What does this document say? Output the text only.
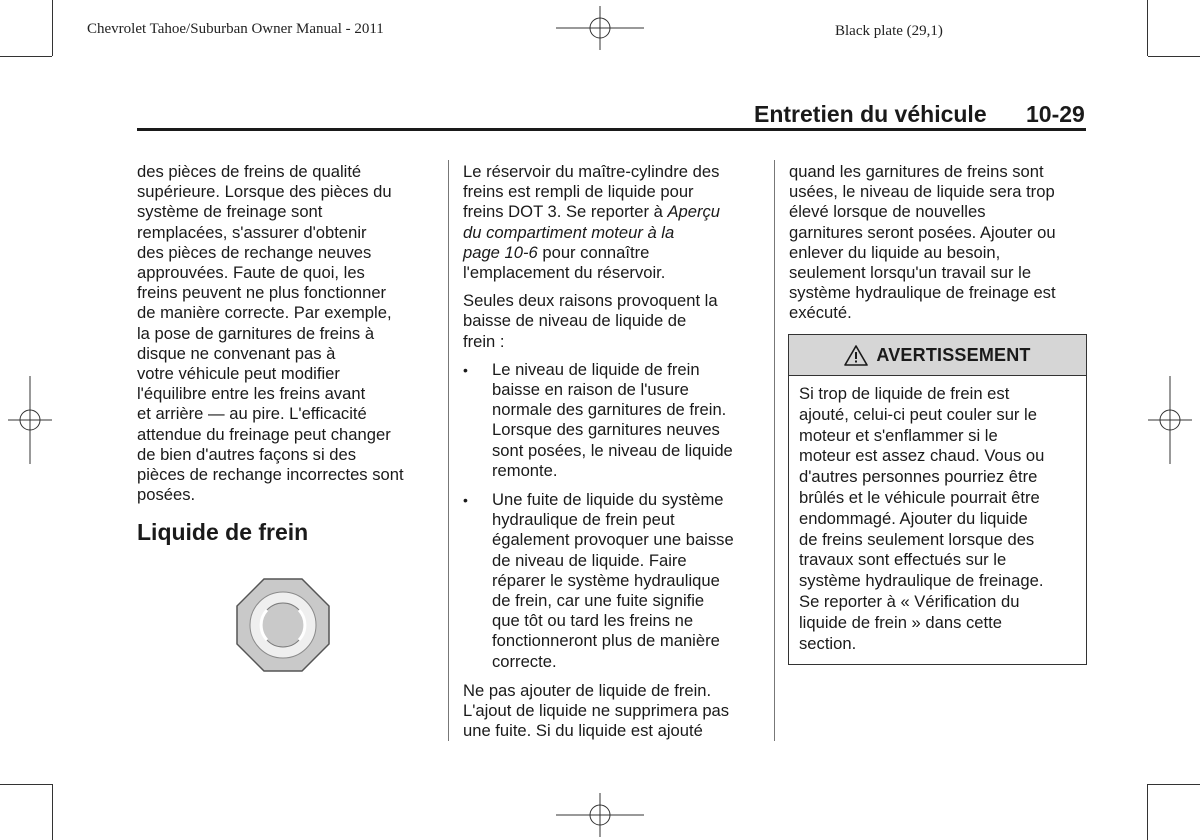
Chevrolet Tahoe/Suburban Owner Manual - 2011	Black plate (29,1)
Entretien du véhicule 10-29

des pièces de freins de qualité
supérieure. Lorsque des pièces du
système de freinage sont
remplacées, s'assurer d'obtenir
des pièces de rechange neuves
approuvées. Faute de quoi, les
freins peuvent ne plus fonctionner
de manière correcte. Par exemple,
la pose de garnitures de freins à
disque ne convenant pas à
votre véhicule peut modifier
l'équilibre entre les freins avant
et arrière — au pire. L'efficacité
attendue du freinage peut changer
de bien d'autres façons si des
pièces de rechange incorrectes sont
posées.

Liquide de frein

Le réservoir du maître-cylindre des
freins est rempli de liquide pour
freins DOT 3. Se reporter à Aperçu
du compartiment moteur à la
page 10-6 pour connaître
l'emplacement du réservoir.

Seules deux raisons provoquent la
baisse de niveau de liquide de
frein :

• Le niveau de liquide de frein
baisse en raison de l'usure
normale des garnitures de frein.
Lorsque des garnitures neuves
sont posées, le niveau de liquide
remonte.
• Une fuite de liquide du système
hydraulique de frein peut
également provoquer une baisse
de niveau de liquide. Faire
réparer le système hydraulique
de frein, car une fuite signifie
que tôt ou tard les freins ne
fonctionneront plus de manière
correcte.

Ne pas ajouter de liquide de frein.
L'ajout de liquide ne supprimera pas
une fuite. Si du liquide est ajouté

quand les garnitures de freins sont
usées, le niveau de liquide sera trop
élevé lorsque de nouvelles
garnitures seront posées. Ajouter ou
enlever du liquide au besoin,
seulement lorsqu'un travail sur le
système hydraulique de freinage est
exécuté.

AVERTISSEMENT
Si trop de liquide de frein est
ajouté, celui-ci peut couler sur le
moteur et s'enflammer si le
moteur est assez chaud. Vous ou
d'autres personnes pourriez être
brûlés et le véhicule pourrait être
endommagé. Ajouter du liquide
de freins seulement lorsque des
travaux sont effectués sur le
système hydraulique de freinage.
Se reporter à « Vérification du
liquide de frein » dans cette
section.
